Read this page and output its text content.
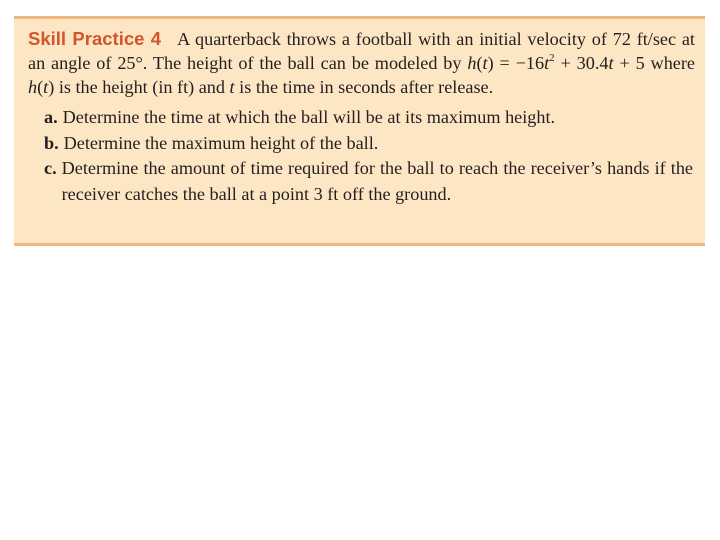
Skill Practice 4 A quarterback throws a football with an initial velocity of 72 ft/sec at an angle of 25°. The height of the ball can be modeled by $h(t) = -16t^2 + 30.4t + 5$ where h(t) is the height (in ft) and t is the time in seconds after release.

a. Determine the time at which the ball will be at its maximum height.
b. Determine the maximum height of the ball.
c. Determine the amount of time required for the ball to reach the receiver’s hands if the receiver catches the ball at a point 3 ft off the ground.
